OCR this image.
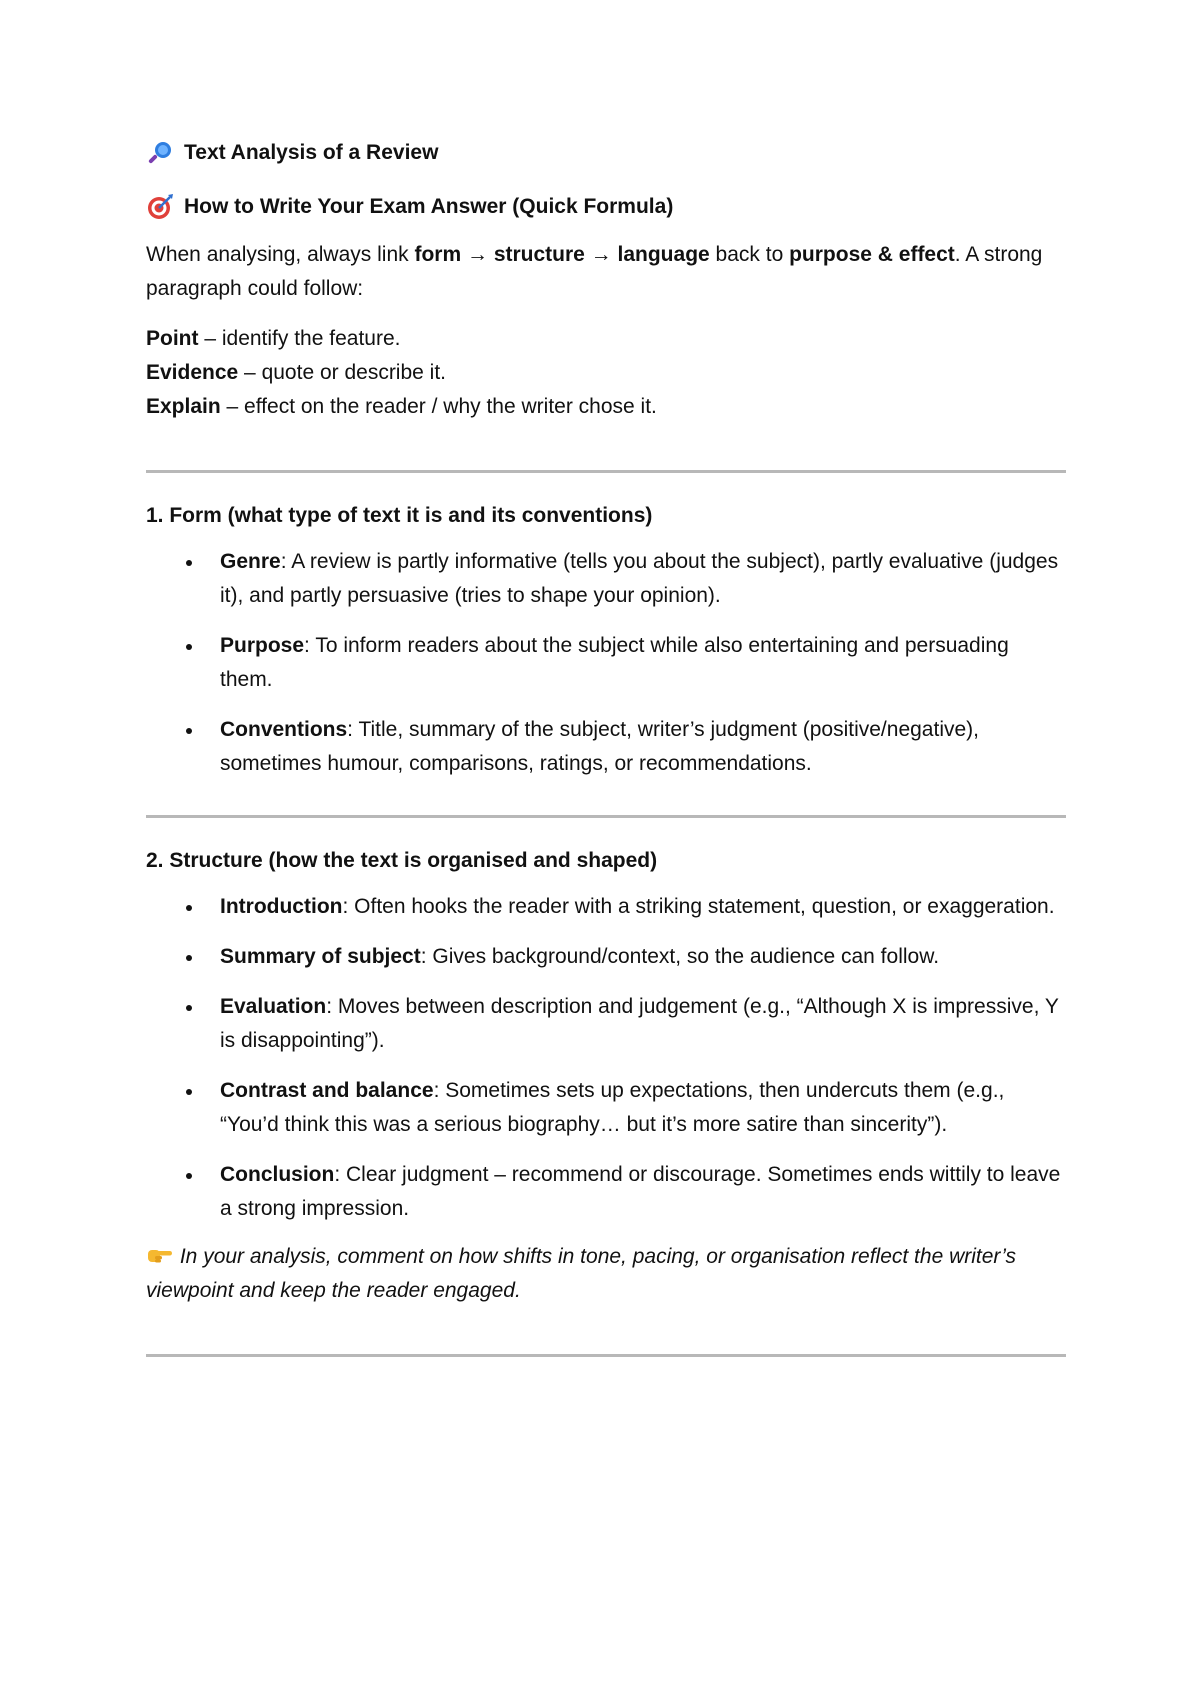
Text Analysis of a Review
How to Write Your Exam Answer (Quick Formula)

When analysing, always link form → structure → language back to purpose & effect. A strong paragraph could follow:

Point – identify the feature.
Evidence – quote or describe it.
Explain – effect on the reader / why the writer chose it.
1. Form (what type of text it is and its conventions)
Genre: A review is partly informative (tells you about the subject), partly evaluative (judges it), and partly persuasive (tries to shape your opinion).
Purpose: To inform readers about the subject while also entertaining and persuading them.
Conventions: Title, summary of the subject, writer’s judgment (positive/negative), sometimes humour, comparisons, ratings, or recommendations.
2. Structure (how the text is organised and shaped)
Introduction: Often hooks the reader with a striking statement, question, or exaggeration.
Summary of subject: Gives background/context, so the audience can follow.
Evaluation: Moves between description and judgement (e.g., “Although X is impressive, Y is disappointing”).
Contrast and balance: Sometimes sets up expectations, then undercuts them (e.g., “You’d think this was a serious biography… but it’s more satire than sincerity”).
Conclusion: Clear judgment – recommend or discourage. Sometimes ends wittily to leave a strong impression.

In your analysis, comment on how shifts in tone, pacing, or organisation reflect the writer’s viewpoint and keep the reader engaged.
